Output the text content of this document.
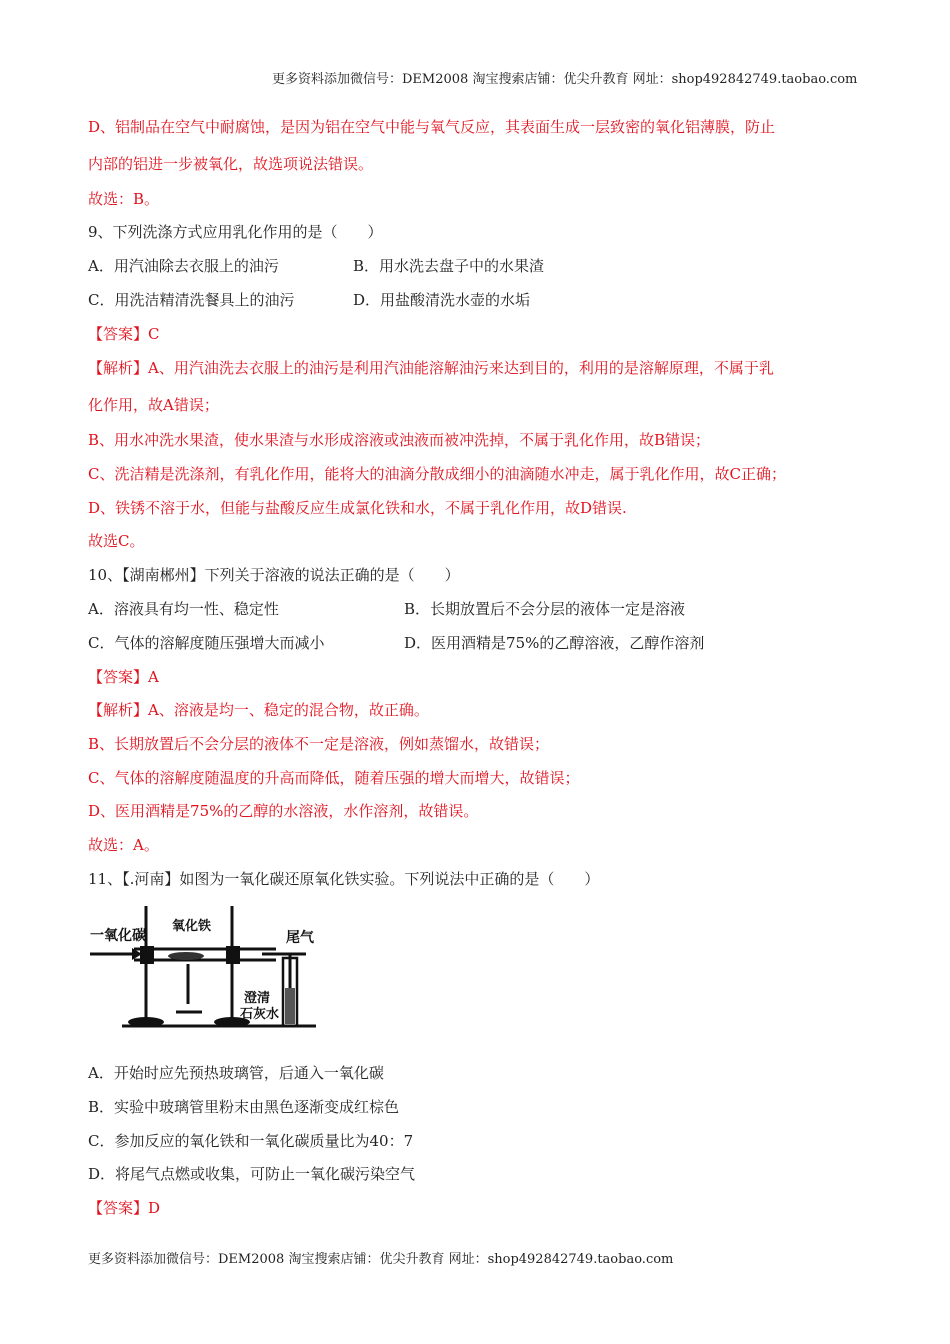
更多资料添加微信号：DEM2008 淘宝搜索店铺：优尖升教育 网址：shop492842749.taobao.com
D、铝制品在空气中耐腐蚀，是因为铝在空气中能与氧气反应，其表面生成一层致密的氧化铝薄膜，防止
内部的铝进一步被氧化，故选项说法错误。
故选：B。
9、下列洗涤方式应用乳化作用的是（　　）
A．用汽油除去衣服上的油污	B．用水洗去盘子中的水果渣
C．用洗洁精清洗餐具上的油污	D．用盐酸清洗水壶的水垢
【答案】C
【解析】A、用汽油洗去衣服上的油污是利用汽油能溶解油污来达到目的，利用的是溶解原理，不属于乳
化作用，故A错误；
B、用水冲洗水果渣，使水果渣与水形成溶液或浊液而被冲洗掉，不属于乳化作用，故B错误；
C、洗洁精是洗涤剂，有乳化作用，能将大的油滴分散成细小的油滴随水冲走，属于乳化作用，故C正确；
D、铁锈不溶于水，但能与盐酸反应生成氯化铁和水，不属于乳化作用，故D错误.
故选C。
10、【湖南郴州】下列关于溶液的说法正确的是（　　）
A．溶液具有均一性、稳定性	B．长期放置后不会分层的液体一定是溶液
C．气体的溶解度随压强增大而减小	D．医用酒精是75%的乙醇溶液，乙醇作溶剂
【答案】A
【解析】A、溶液是均一、稳定的混合物，故正确。
B、长期放置后不会分层的液体不一定是溶液，例如蒸馏水，故错误；
C、气体的溶解度随温度的升高而降低，随着压强的增大而增大，故错误；
D、医用酒精是75%的乙醇的水溶液，水作溶剂，故错误。
故选：A。
11、【.河南】如图为一氧化碳还原氧化铁实验。下列说法中正确的是（　　）
一氧化碳
氧化铁
尾气
澄清
石灰水
A．开始时应先预热玻璃管，后通入一氧化碳
B．实验中玻璃管里粉末由黑色逐渐变成红棕色
C．参加反应的氧化铁和一氧化碳质量比为40：7
D．将尾气点燃或收集，可防止一氧化碳污染空气
【答案】D
更多资料添加微信号：DEM2008 淘宝搜索店铺：优尖升教育 网址：shop492842749.taobao.com
